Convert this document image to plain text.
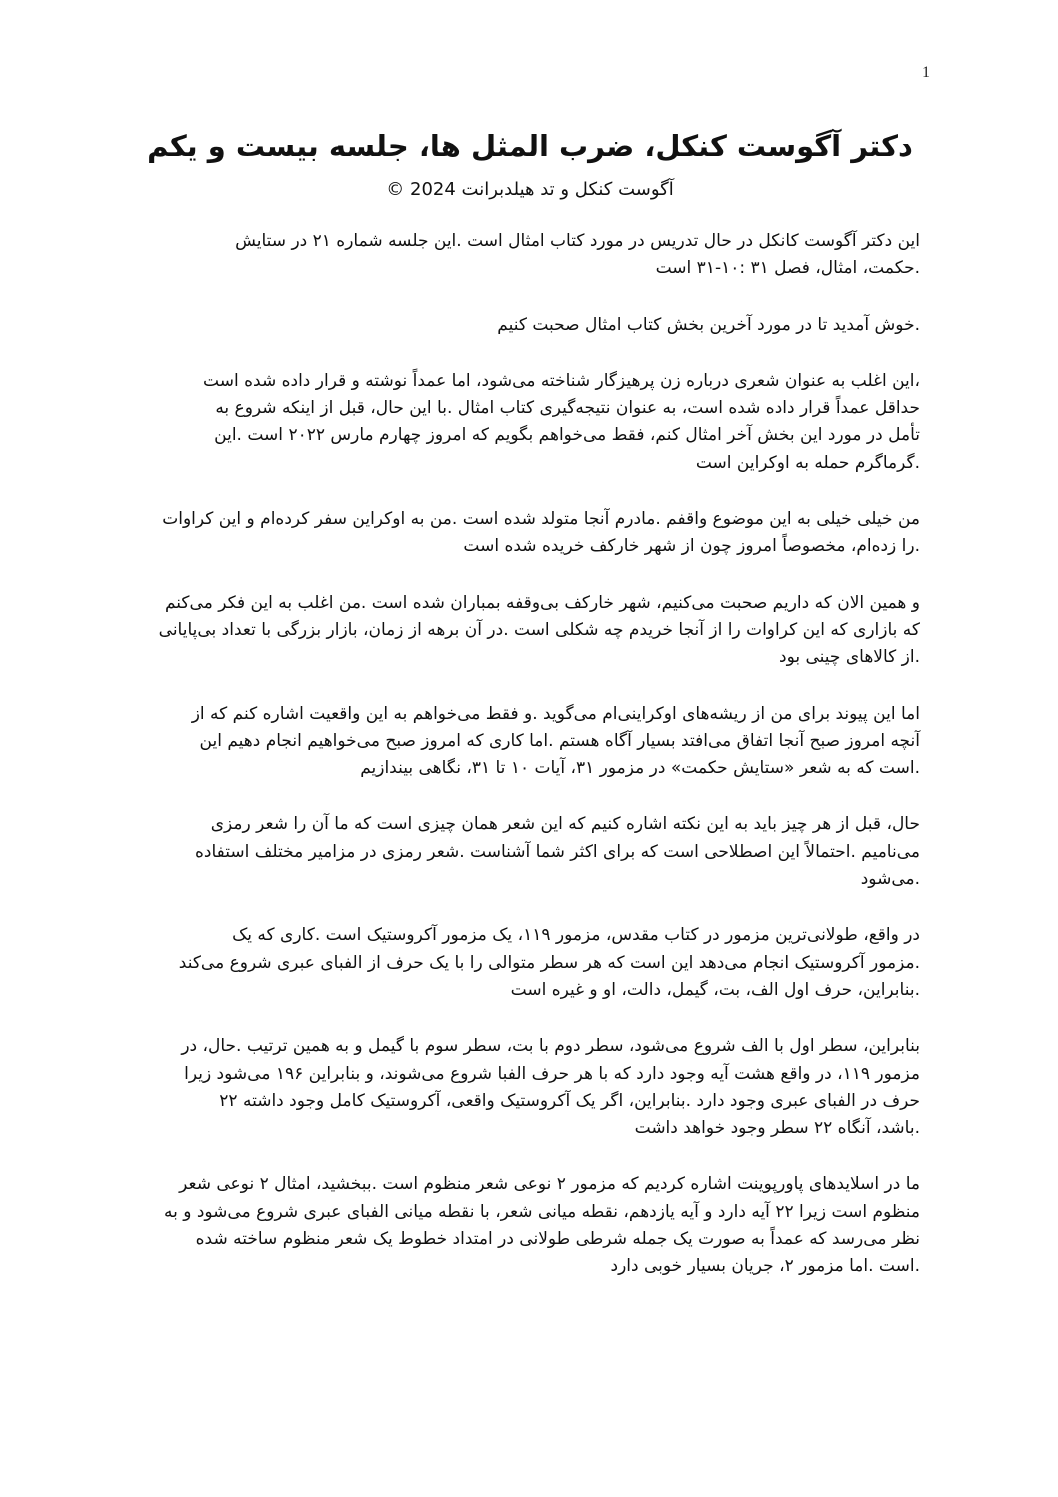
1
دکتر آگوست کنکل، ضرب المثل ها، جلسه بیست و یکم
آگوست کنکل و تد هیلدبرانت 2024 ©

این دکتر آگوست کانکل در حال تدریس در مورد کتاب امثال است .این جلسه شماره ۲۱ در ستایش
.حکمت، امثال، فصل ۳۱ :۱۰-۳۱ است

.خوش آمدید تا در مورد آخرین بخش کتاب امثال صحبت کنیم

،این اغلب به عنوان شعری درباره زن پرهیزگار شناخته می‌شود، اما عمداً نوشته و قرار داده شده است
حداقل عمداً قرار داده شده است، به عنوان نتیجه‌گیری کتاب امثال .با این حال، قبل از اینکه شروع به
تأمل در مورد این بخش آخر امثال کنم، فقط می‌خواهم بگویم که امروز چهارم مارس ۲۰۲۲ است .این
.گرماگرم حمله به اوکراین است

من خیلی خیلی به این موضوع واقفم .مادرم آنجا متولد شده است .من به اوکراین سفر کرده‌ام و این کراوات
.را زده‌ام، مخصوصاً امروز چون از شهر خارکف خریده شده است

و همین الان که داریم صحبت می‌کنیم، شهر خارکف بی‌وقفه بمباران شده است .من اغلب به این فکر می‌کنم
که بازاری که این کراوات را از آنجا خریدم چه شکلی است .در آن برهه از زمان، بازار بزرگی با تعداد بی‌پایانی
.از کالاهای چینی بود

اما این پیوند برای من از ریشه‌های اوکراینی‌ام می‌گوید .و فقط می‌خواهم به این واقعیت اشاره کنم که از
آنچه امروز صبح آنجا اتفاق می‌افتد بسیار آگاه هستم .اما کاری که امروز صبح می‌خواهیم انجام دهیم این
.است که به شعر «ستایش حکمت» در مزمور ۳۱، آیات ۱۰ تا ۳۱، نگاهی بیندازیم

حال، قبل از هر چیز باید به این نکته اشاره کنیم که این شعر همان چیزی است که ما آن را شعر رمزی
می‌نامیم .احتمالاً این اصطلاحی است که برای اکثر شما آشناست .شعر رمزی در مزامیر مختلف استفاده
.می‌شود

در واقع، طولانی‌ترین مزمور در کتاب مقدس، مزمور ۱۱۹، یک مزمور آکروستیک است .کاری که یک
.مزمور آکروستیک انجام می‌دهد این است که هر سطر متوالی را با یک حرف از الفبای عبری شروع می‌کند
.بنابراین، حرف اول الف، بت، گیمل، دالت، او و غیره است

بنابراین، سطر اول با الف شروع می‌شود، سطر دوم با بت، سطر سوم با گیمل و به همین ترتیب .حال، در
مزمور ۱۱۹، در واقع هشت آیه وجود دارد که با هر حرف الفبا شروع می‌شوند، و بنابراین ۱۹۶ می‌شود زیرا
حرف در الفبای عبری وجود دارد .بنابراین، اگر یک آکروستیک واقعی، آکروستیک کامل وجود داشته ۲۲
.باشد، آنگاه ۲۲ سطر وجود خواهد داشت

ما در اسلایدهای پاورپوینت اشاره کردیم که مزمور ۲ نوعی شعر منظوم است .ببخشید، امثال ۲ نوعی شعر
منظوم است زیرا ۲۲ آیه دارد و آیه یازدهم، نقطه میانی شعر، با نقطه میانی الفبای عبری شروع می‌شود و به
نظر می‌رسد که عمداً به صورت یک جمله شرطی طولانی در امتداد خطوط یک شعر منظوم ساخته شده
.است .اما مزمور ۲، جریان بسیار خوبی دارد
